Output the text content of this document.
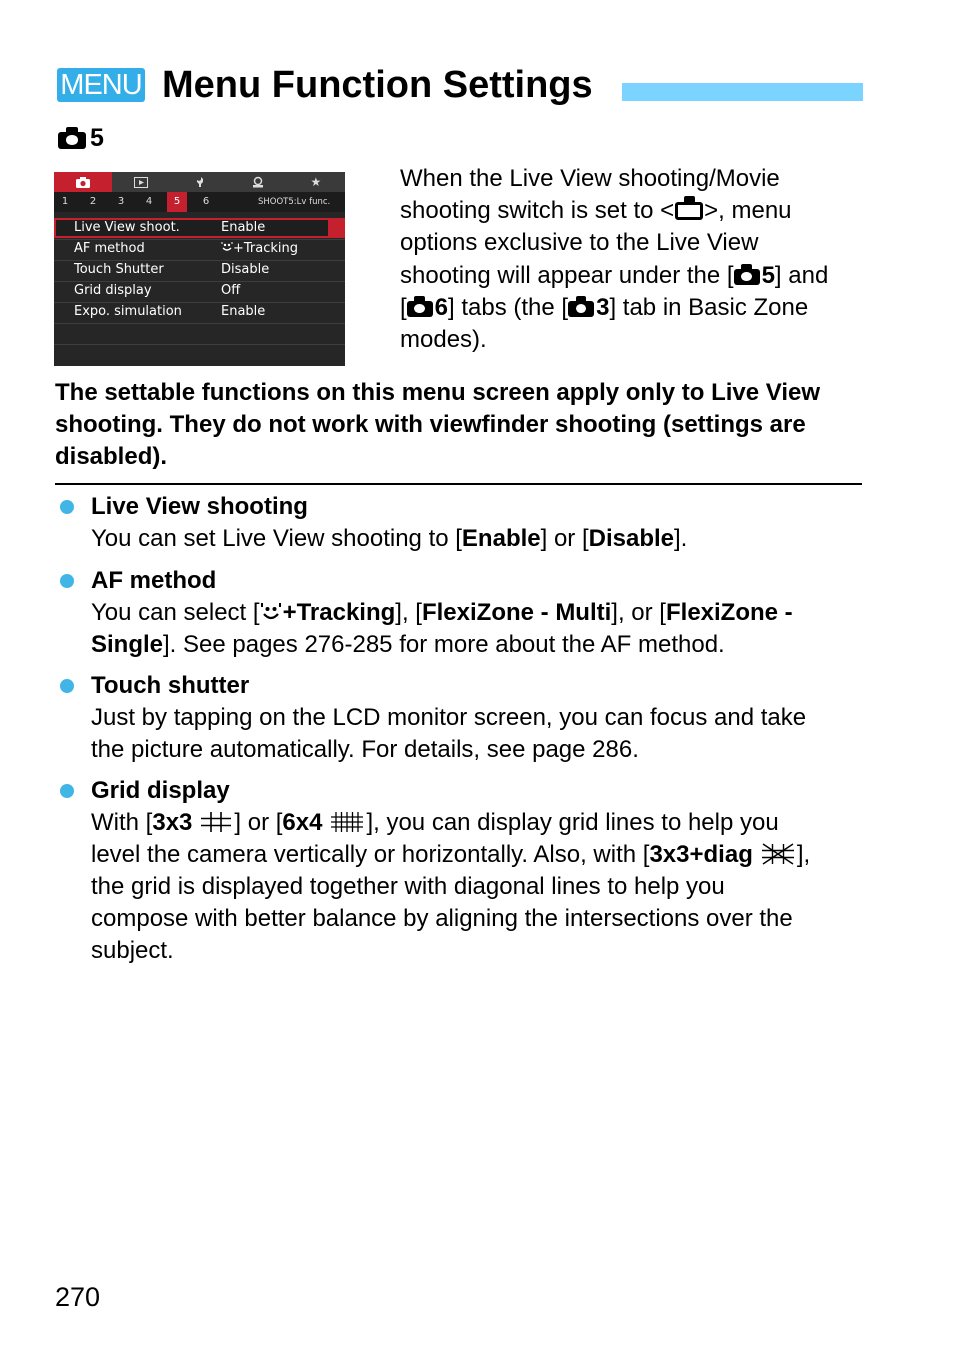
MENU Menu Function Settings
5
★
1	2	3	4	5	6	SHOOT5:Lv func.
Live View shoot.	Enable
AF method	+Tracking
Touch Shutter	Disable
Grid display	Off
Expo. simulation	Enable
When the Live View shooting/Movie
shooting switch is set to < >, menu
options exclusive to the Live View
shooting will appear under the [ 5] and
[ 6] tabs (the [ 3] tab in Basic Zone
modes).
The settable functions on this menu screen apply only to Live View
shooting. They do not work with viewfinder shooting (settings are
disabled).
Live View shooting
You can set Live View shooting to [Enable] or [Disable].
AF method
You can select [ +Tracking], [FlexiZone - Multi], or [FlexiZone -
Single]. See pages 276-285 for more about the AF method.
Touch shutter
Just by tapping on the LCD monitor screen, you can focus and take
the picture automatically. For details, see page 286.
Grid display
With [3x3 ] or [6x4 ], you can display grid lines to help you
level the camera vertically or horizontally. Also, with [3x3+diag ],
the grid is displayed together with diagonal lines to help you
compose with better balance by aligning the intersections over the
subject.
270
